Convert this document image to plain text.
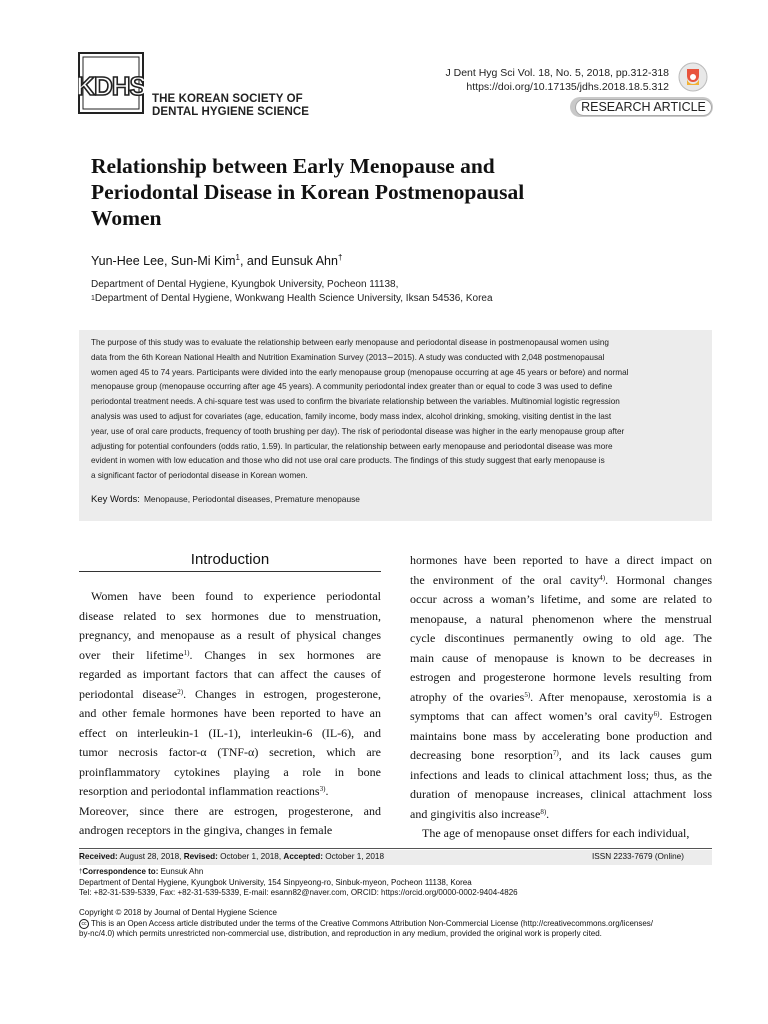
KDHS THE KOREAN SOCIETY OF
DENTAL HYGIENE SCIENCE
J Dent Hyg Sci Vol. 18, No. 5, 2018, pp.312-318
https://doi.org/10.17135/jdhs.2018.18.5.312
RESEARCH ARTICLE
Relationship between Early Menopause and
Periodontal Disease in Korean Postmenopausal
Women
Yun-Hee Lee, Sun-Mi Kim$^1$, and Eunsuk Ahn†
Department of Dental Hygiene, Kyungbok University, Pocheon 11138,
$^1$Department of Dental Hygiene, Wonkwang Health Science University, Iksan 54536, Korea
The purpose of this study was to evaluate the relationship between early menopause and periodontal disease in postmenopausal women using
data from the 6th Korean National Health and Nutrition Examination Survey (2013∼2015). A study was conducted with 2,048 postmenopausal
women aged 45 to 74 years. Participants were divided into the early menopause group (menopause occurring at age 45 years or before) and normal
menopause group (menopause occurring after age 45 years). A community periodontal index greater than or equal to code 3 was used to define
periodontal treatment needs. A chi-square test was used to confirm the bivariate relationship between the variables. Multinomial logistic regression
analysis was used to adjust for covariates (age, education, family income, body mass index, alcohol drinking, smoking, visiting dentist in the last
year, use of oral care products, frequency of tooth brushing per day). The risk of periodontal disease was higher in the early menopause group after
adjusting for potential confounders (odds ratio, 1.59). In particular, the relationship between early menopause and periodontal disease was more
evident in women with low education and those who did not use oral care products. The findings of this study suggest that early menopause is
a significant factor of periodontal disease in Korean women.
Key Words: Menopause, Periodontal diseases, Premature menopause
Introduction
Women have been found to experience periodontal
disease related to sex hormones due to menstruation,
pregnancy, and menopause as a result of physical changes
over their lifetime$^{1)}$. Changes in sex hormones are
regarded as important factors that can affect the causes of
periodontal disease$^{2)}$. Changes in estrogen, progesterone,
and other female hormones have been reported to have an
effect on interleukin-1 (IL-1), interleukin-6 (IL-6), and
tumor necrosis factor-α (TNF-α) secretion, which are
proinflammatory cytokines playing a role in bone
resorption and periodontal inflammation reactions$^{3)}$.
Moreover, since there are estrogen, progesterone, and
androgen receptors in the gingiva, changes in female
hormones have been reported to have a direct impact on
the environment of the oral cavity$^{4)}$. Hormonal changes
occur across a woman’s lifetime, and some are related to
menopause, a natural phenomenon where the menstrual
cycle discontinues permanently owing to old age. The
main cause of menopause is known to be decreases in
estrogen and progesterone hormone levels resulting from
atrophy of the ovaries$^{5)}$. After menopause, xerostomia is a
symptoms that can affect women’s oral cavity$^{6)}$. Estrogen
maintains bone mass by accelerating bone production and
decreasing bone resorption$^{7)}$, and its lack causes gum
infections and leads to clinical attachment loss; thus, as the
duration of menopause increases, clinical attachment loss
and gingivitis also increase$^{8)}$.
The age of menopause onset differs for each individual,
Received: August 28, 2018, Revised: October 1, 2018, Accepted: October 1, 2018	ISSN 2233-7679 (Online)
†Correspondence to: Eunsuk Ahn
Department of Dental Hygiene, Kyungbok University, 154 Sinpyeong-ro, Sinbuk-myeon, Pocheon 11138, Korea
Tel: +82-31-539-5339, Fax: +82-31-539-5339, E-mail: esann82@naver.com, ORCID: https://orcid.org/0000-0002-9404-4826
Copyright © 2018 by Journal of Dental Hygiene Science
cc This is an Open Access article distributed under the terms of the Creative Commons Attribution Non-Commercial License (http://creativecommons.org/licenses/
by-nc/4.0) which permits unrestricted non-commercial use, distribution, and reproduction in any medium, provided the original work is properly cited.
